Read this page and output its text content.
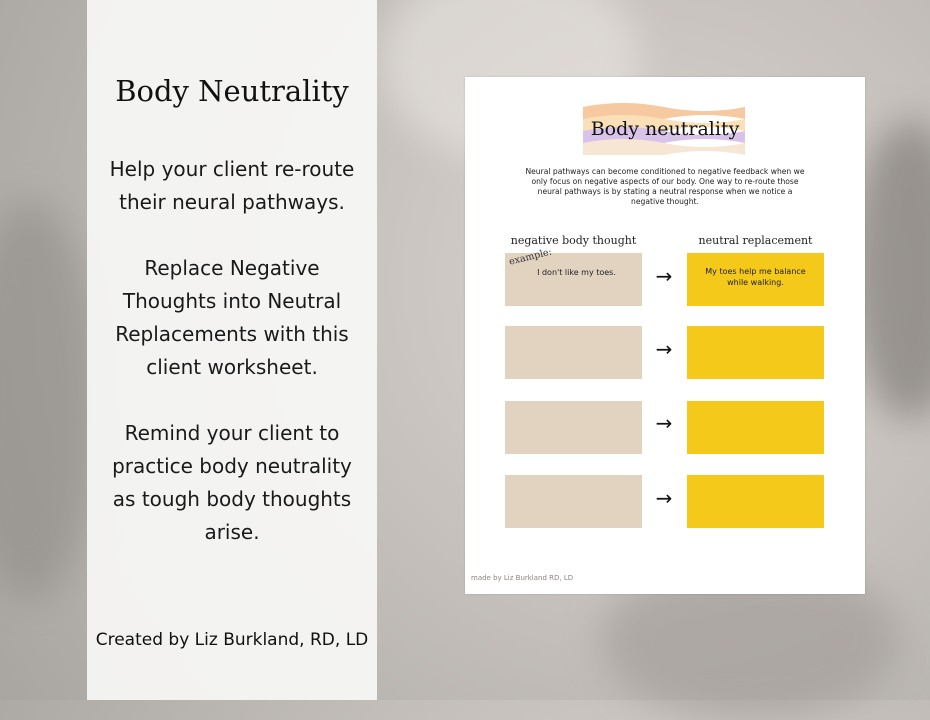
Body Neutrality
Help your client re-route
their neural pathways.
Replace Negative
Thoughts into Neutral
Replacements with this
client worksheet.
Remind your client to
practice body neutrality
as tough body thoughts
arise.
Created by Liz Burkland, RD, LD
Body neutrality
Neural pathways can become conditioned to negative feedback when we
only focus on negative aspects of our body. One way to re-route those
neural pathways is by stating a neutral response when we notice a
negative thought.
negative body thought	neutral replacement
example:
I don't like my toes.	→	My toes help me balance
while walking.
→
→
→
made by Liz Burkland RD, LD
